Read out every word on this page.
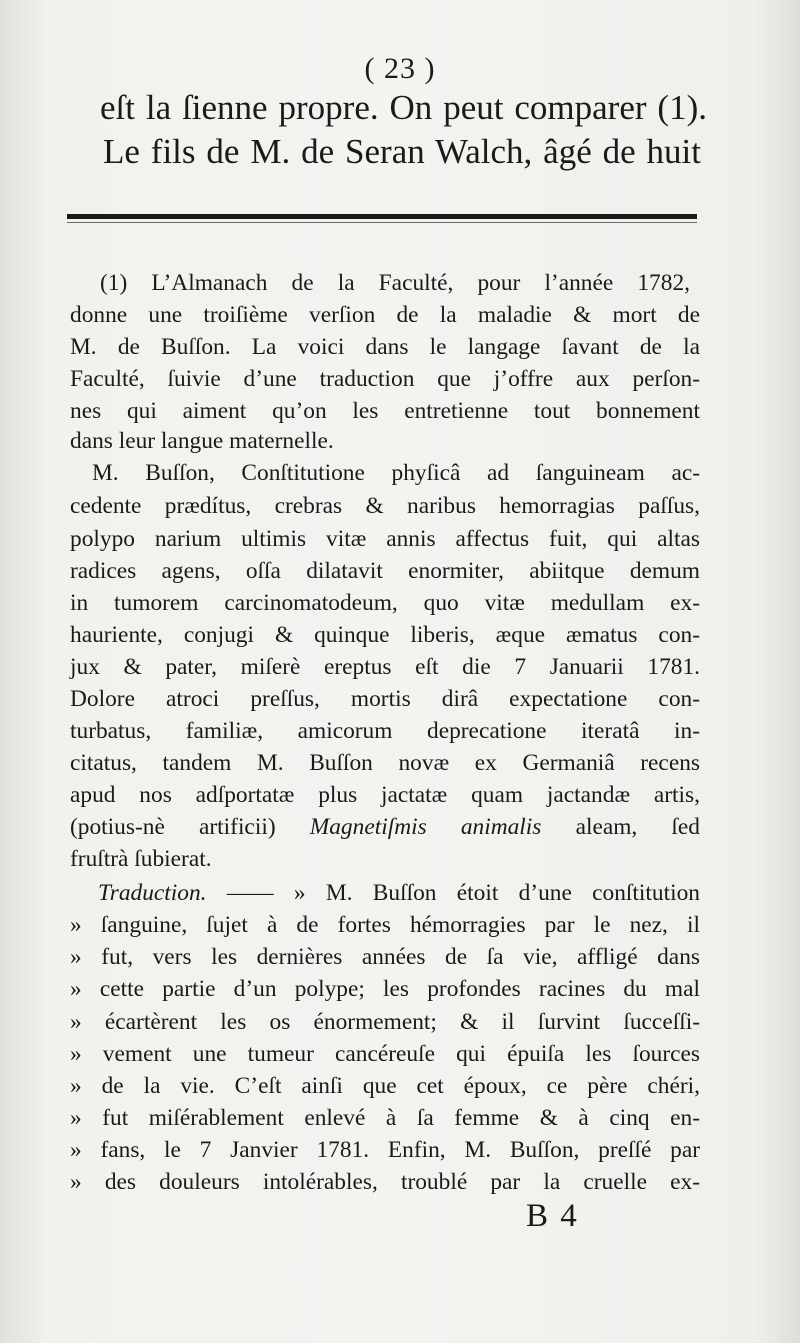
( 23 )
eſt la ſienne propre. On peut comparer (1).
Le fils de M. de Seran Walch, âgé de huit
(1) L’Almanach de la Faculté, pour l’année 1782,
donne une troiſième verſion de la maladie & mort de
M. de Buſſon. La voici dans le langage ſavant de la
Faculté, ſuivie d’une traduction que j’offre aux perſon-
nes qui aiment qu’on les entretienne tout bonnement
dans leur langue maternelle.
M. Buſſon, Conſtitutione phyſicâ ad ſanguineam ac-
cedente prædítus, crebras & naribus hemorragias paſſus,
polypo narium ultimis vitæ annis affectus fuit, qui altas
radices agens, oſſa dilatavit enormiter, abiitque demum
in tumorem carcinomatodeum, quo vitæ medullam ex-
hauriente, conjugi & quinque liberis, æque æmatus con-
jux & pater, miſerè ereptus eſt die 7 Januarii 1781.
Dolore atroci preſſus, mortis dirâ expectatione con-
turbatus, familiæ, amicorum deprecatione iteratâ in-
citatus, tandem M. Buſſon novæ ex Germaniâ recens
apud nos adſportatæ plus jactatæ quam jactandæ artis,
(potius-nè artificii) Magnetiſmis animalis aleam, ſed
fruſtrà ſubierat.
Traduction. —— » M. Buſſon étoit d’une conſtitution
» ſanguine, ſujet à de fortes hémorragies par le nez, il
» fut, vers les dernières années de ſa vie, affligé dans
» cette partie d’un polype; les profondes racines du mal
» écartèrent les os énormement; & il ſurvint ſucceſſi-
» vement une tumeur cancéreuſe qui épuiſa les ſources
» de la vie. C’eſt ainſi que cet époux, ce père chéri,
» fut miſérablement enlevé à ſa femme & à cinq en-
» fans, le 7 Janvier 1781. Enfin, M. Buſſon, preſſé par
» des douleurs intolérables, troublé par la cruelle ex-
B 4
